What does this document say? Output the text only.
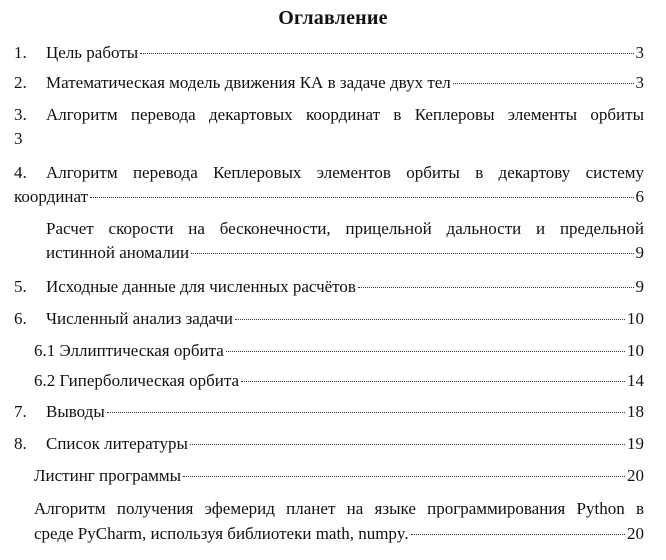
Оглавление
1. Цель работы	3
2. Математическая модель движения КА в задаче двух тел	3
3. Алгоритм перевода декартовых координат в Кеплеровы элементы орбиты
3
4. Алгоритм перевода Кеплеровых элементов орбиты в декартову систему
координат	6
Расчет скорости на бесконечности, прицельной дальности и предельной
истинной аномалии	9
5. Исходные данные для численных расчётов	9
6. Численный анализ задачи	10
6.1 Эллиптическая орбита	10
6.2 Гиперболическая орбита	14
7. Выводы	18
8. Список литературы	19
Листинг программы	20
Алгоритм получения эфемерид планет на языке программирования Python в
среде PyCharm, используя библиотеки math, numpy.	20
